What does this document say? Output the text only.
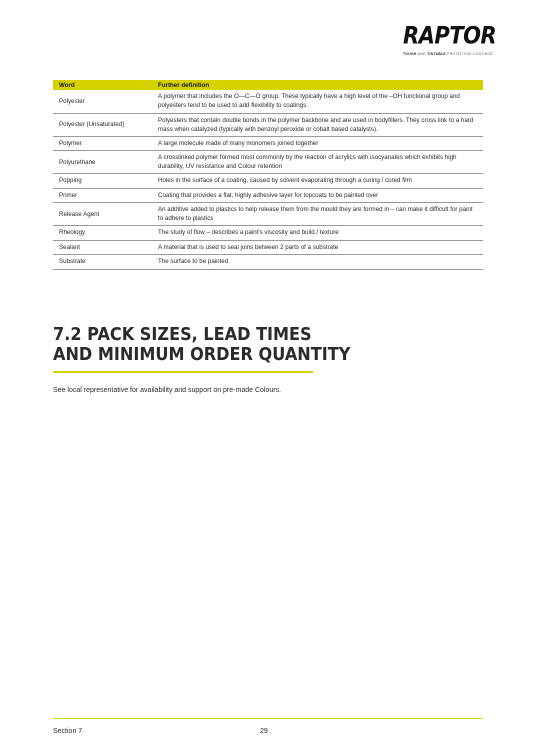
RAPTOR
TOUGH AND TINTABLE PROTECTIVE COATINGS
Word	Further definition
Polyester	A polymer that includes the O—C—O group. These typically have a high level of the –OH functional group and polyesters tend to be used to add flexibility to coatings.
Polyester (Unsaturated)	Polyesters that contain double bonds in the polymer backbone and are used in bodyfillers. They cross link to a hard mass when catalyzed (typically with benzoyl peroxide or cobalt based catalysts).
Polymer	A large molecule made of many monomers joined together
Polyurethane	A crosslinked polymer formed most commonly by the reaction of acrylics with isocyanates which exhibits high durability, UV resistance and Colour retention
Popping	Holes in the surface of a coating, caused by solvent evaporating through a curing / cured film
Primer	Coating that provides a flat, highly adhesive layer for topcoats to be painted over
Release Agent	An additive added to plastics to help release them from the mould they are formed in – can make it difficult for paint to adhere to plastics
Rheology	The study of flow – describes a paint's viscosity and build / texture
Sealant	A material that is used to seal joins between 2 parts of a substrate
Substrate	The surface to be painted
7.2 PACK SIZES, LEAD TIMES
AND MINIMUM ORDER QUANTITY

See local representative for availability and support on pre-made Colours.

Section 7	29
